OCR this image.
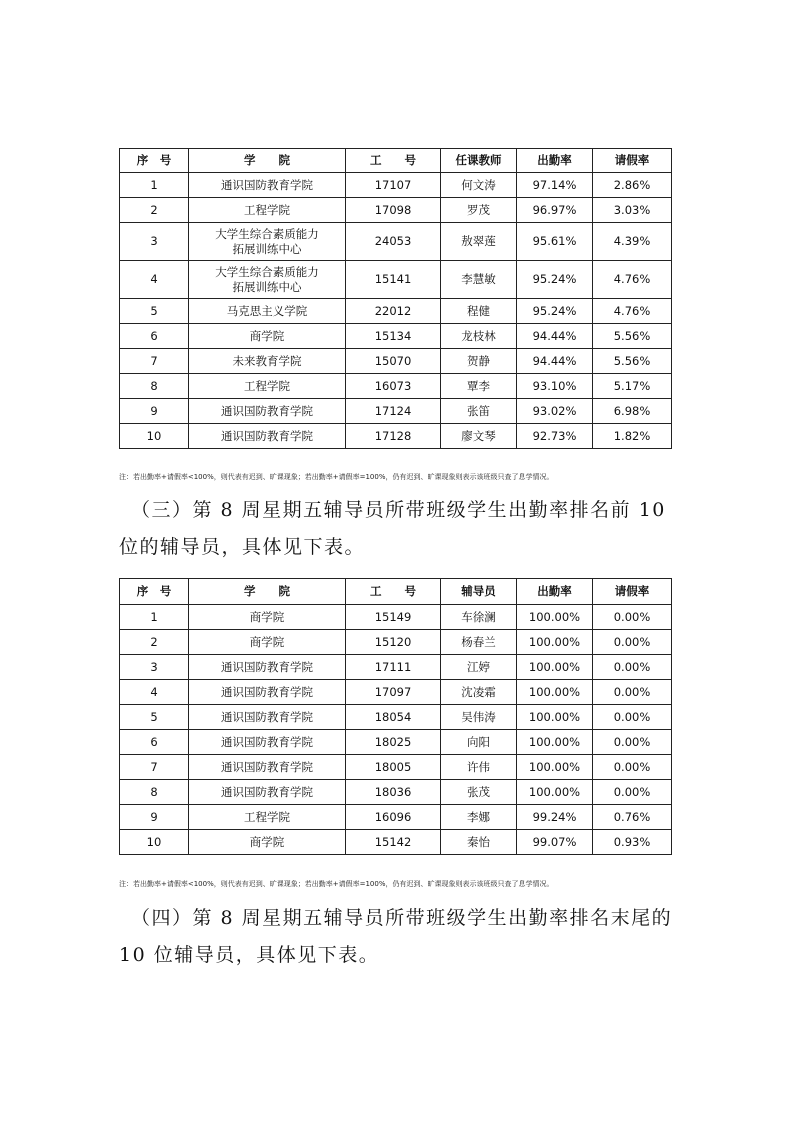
序　号	学　　院	工　　号	任课教师	出勤率	请假率
1	通识国防教育学院	17107	何文涛	97.14%	2.86%
2	工程学院	17098	罗茂	96.97%	3.03%
3	大学生综合素质能力
拓展训练中心	24053	敖翠莲	95.61%	4.39%
4	大学生综合素质能力
拓展训练中心	15141	李慧敏	95.24%	4.76%
5	马克思主义学院	22012	程健	95.24%	4.76%
6	商学院	15134	龙枝林	94.44%	5.56%
7	未来教育学院	15070	贺静	94.44%	5.56%
8	工程学院	16073	覃李	93.10%	5.17%
9	通识国防教育学院	17124	张笛	93.02%	6.98%
10	通识国防教育学院	17128	廖文琴	92.73%	1.82%
注：若出勤率+请假率<100%，则代表有迟到、旷课现象；若出勤率+请假率=100%，仍有迟到、旷课现象则表示该班级只查了息学情况。
（三）第 8 周星期五辅导员所带班级学生出勤率排名前 10 位的辅导员，具体见下表。
序　号	学　　院	工　　号	辅导员	出勤率	请假率
1	商学院	15149	车徐澜	100.00%	0.00%
2	商学院	15120	杨春兰	100.00%	0.00%
3	通识国防教育学院	17111	江婷	100.00%	0.00%
4	通识国防教育学院	17097	沈凌霜	100.00%	0.00%
5	通识国防教育学院	18054	吴伟涛	100.00%	0.00%
6	通识国防教育学院	18025	向阳	100.00%	0.00%
7	通识国防教育学院	18005	许伟	100.00%	0.00%
8	通识国防教育学院	18036	张茂	100.00%	0.00%
9	工程学院	16096	李娜	99.24%	0.76%
10	商学院	15142	秦怡	99.07%	0.93%
注：若出勤率+请假率<100%，则代表有迟到、旷课现象；若出勤率+请假率=100%，仍有迟到、旷课现象则表示该班级只查了息学情况。
（四）第 8 周星期五辅导员所带班级学生出勤率排名末尾的 10 位辅导员，具体见下表。
